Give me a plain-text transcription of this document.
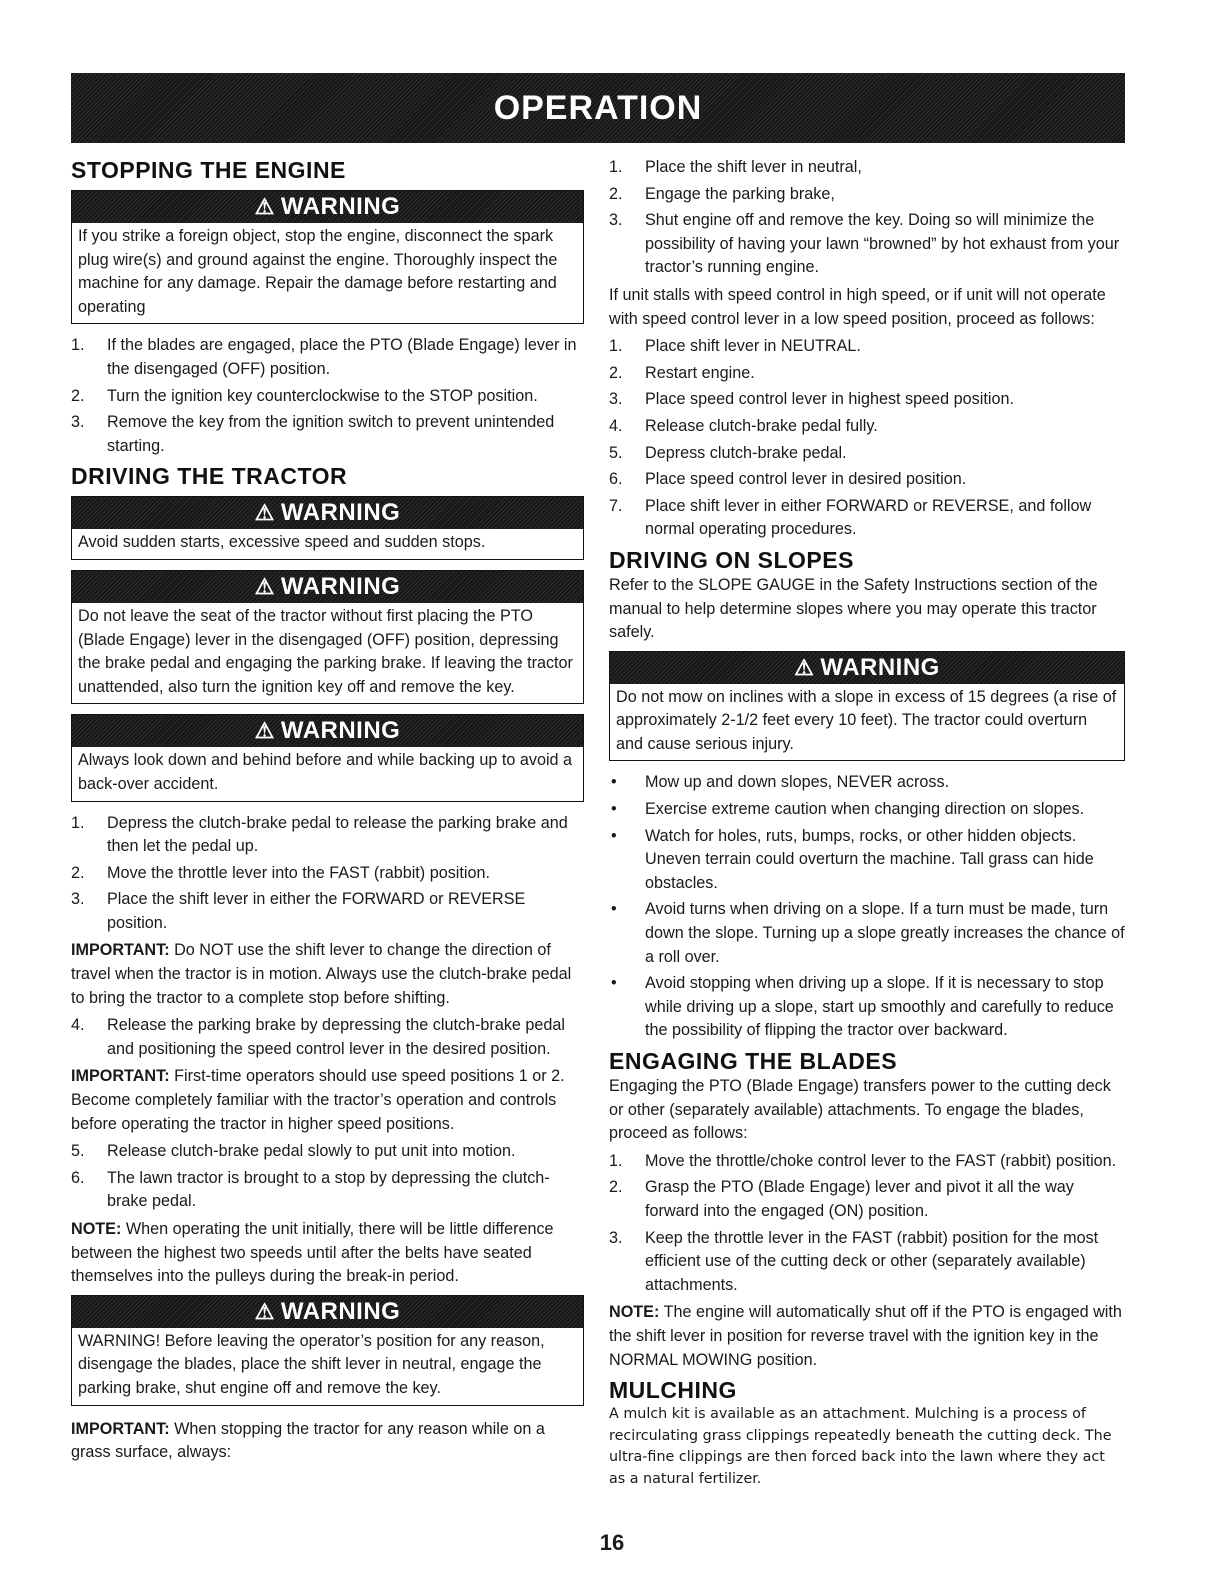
OPERATION
STOPPING THE ENGINE
⚠ WARNING
If you strike a foreign object, stop the engine, disconnect the spark plug wire(s) and ground against the engine. Thoroughly inspect the machine for any damage. Repair the damage before restarting and operating
1.	If the blades are engaged, place the PTO (Blade Engage) lever in the disengaged (OFF) position.
2.	Turn the ignition key counterclockwise to the STOP position.
3.	Remove the key from the ignition switch to prevent unintended starting.
DRIVING THE TRACTOR
⚠ WARNING
Avoid sudden starts, excessive speed and sudden stops.
⚠ WARNING
Do not leave the seat of the tractor without first placing the PTO (Blade Engage) lever in the disengaged (OFF) position, depressing the brake pedal and engaging the parking brake. If leaving the tractor unattended, also turn the ignition key off and remove the key.
⚠ WARNING
Always look down and behind before and while backing up to avoid a back-over accident.
1.	Depress the clutch-brake pedal to release the parking brake and then let the pedal up.
2.	Move the throttle lever into the FAST (rabbit) position.
3.	Place the shift lever in either the FORWARD or REVERSE position.

IMPORTANT: Do NOT use the shift lever to change the direction of travel when the tractor is in motion. Always use the clutch-brake pedal to bring the tractor to a complete stop before shifting.

4.	Release the parking brake by depressing the clutch-brake pedal and positioning the speed control lever in the desired position.

IMPORTANT: First-time operators should use speed positions 1 or 2. Become completely familiar with the tractor’s operation and controls before operating the tractor in higher speed positions.

5.	Release clutch-brake pedal slowly to put unit into motion.
6.	The lawn tractor is brought to a stop by depressing the clutch-brake pedal.

NOTE: When operating the unit initially, there will be little difference between the highest two speeds until after the belts have seated themselves into the pulleys during the break-in period.

⚠ WARNING
WARNING! Before leaving the operator’s position for any reason, disengage the blades, place the shift lever in neutral, engage the parking brake, shut engine off and remove the key.

IMPORTANT: When stopping the tractor for any reason while on a grass surface, always:

1.	Place the shift lever in neutral,
2.	Engage the parking brake,
3.	Shut engine off and remove the key. Doing so will minimize the possibility of having your lawn “browned” by hot exhaust from your tractor’s running engine.

If unit stalls with speed control in high speed, or if unit will not operate with speed control lever in a low speed position, proceed as follows:

1.	Place shift lever in NEUTRAL.
2.	Restart engine.
3.	Place speed control lever in highest speed position.
4.	Release clutch-brake pedal fully.
5.	Depress clutch-brake pedal.
6.	Place speed control lever in desired position.
7.	Place shift lever in either FORWARD or REVERSE, and follow normal operating procedures.
DRIVING ON SLOPES

Refer to the SLOPE GAUGE in the Safety Instructions section of the manual to help determine slopes where you may operate this tractor safely.

⚠ WARNING
Do not mow on inclines with a slope in excess of 15 degrees (a rise of approximately 2-1/2 feet every 10 feet). The tractor could overturn and cause serious injury.
•	Mow up and down slopes, NEVER across.
•	Exercise extreme caution when changing direction on slopes.
•	Watch for holes, ruts, bumps, rocks, or other hidden objects. Uneven terrain could overturn the machine. Tall grass can hide obstacles.
•	Avoid turns when driving on a slope. If a turn must be made, turn down the slope. Turning up a slope greatly increases the chance of a roll over.
•	Avoid stopping when driving up a slope. If it is necessary to stop while driving up a slope, start up smoothly and carefully to reduce the possibility of flipping the tractor over backward.
ENGAGING THE BLADES

Engaging the PTO (Blade Engage) transfers power to the cutting deck or other (separately available) attachments. To engage the blades, proceed as follows:

1.	Move the throttle/choke control lever to the FAST (rabbit) position.
2.	Grasp the PTO (Blade Engage) lever and pivot it all the way forward into the engaged (ON) position.
3.	Keep the throttle lever in the FAST (rabbit) position for the most efficient use of the cutting deck or other (separately available) attachments.

NOTE: The engine will automatically shut off if the PTO is engaged with the shift lever in position for reverse travel with the ignition key in the NORMAL MOWING position.

MULCHING

A mulch kit is available as an attachment. Mulching is a process of recirculating grass clippings repeatedly beneath the cutting deck. The ultra-fine clippings are then forced back into the lawn where they act as a natural fertilizer.

16
